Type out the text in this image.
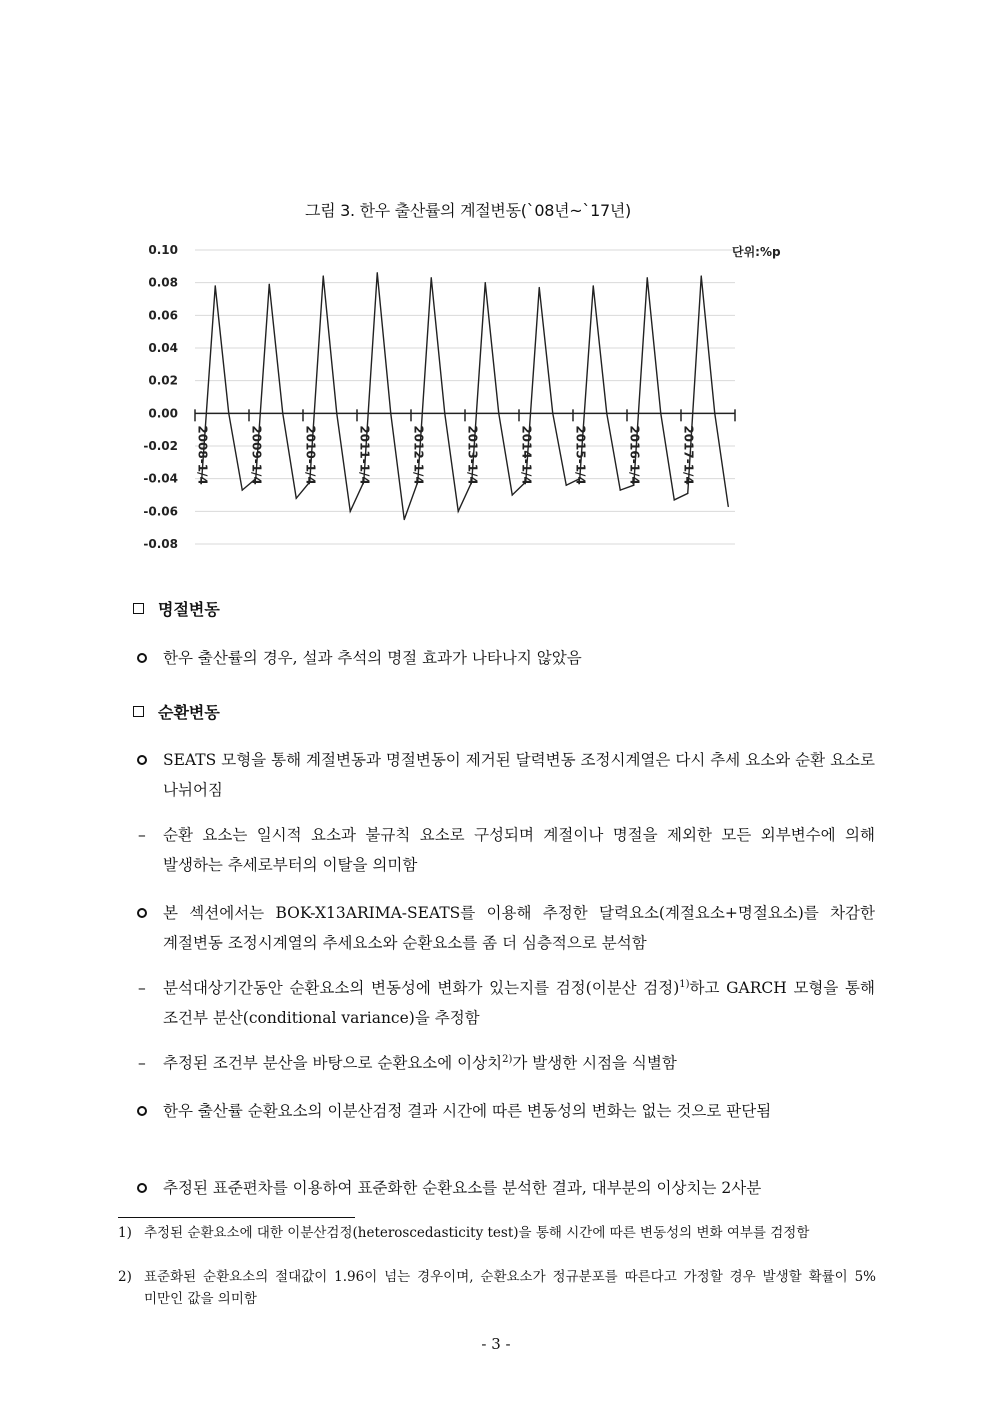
그림 3. 한우 출산률의 계절변동(`08년~`17년)
0.10
0.08
0.06
0.04
0.02
0.00
-0.02
-0.04
-0.06
-0.08
2008-1/4	2009-1/4	2010-1/4	2011-1/4	2012-1/4	2013-1/4	2014-1/4	2015-1/4	2016-1/4	2017-1/4
단위:%p
명절변동
한우 출산률의 경우, 설과 추석의 명절 효과가 나타나지 않았음
순환변동
SEATS 모형을 통해 계절변동과 명절변동이 제거된 달력변동 조정시계열은 다시 추세 요소와 순환 요소로 나뉘어짐
–	순환 요소는 일시적 요소과 불규칙 요소로 구성되며 계절이나 명절을 제외한 모든 외부변수에 의해 발생하는 추세로부터의 이탈을 의미함
본 섹션에서는 BOK-X13ARIMA-SEATS를 이용해 추정한 달력요소(계절요소+명절요소)를 차감한 계절변동 조정시계열의 추세요소와 순환요소를 좀 더 심층적으로 분석함
–	분석대상기간동안 순환요소의 변동성에 변화가 있는지를 검정(이분산 검정)$^{1)}$하고 GARCH 모형을 통해 조건부 분산(conditional variance)을 추정함
–	추정된 조건부 분산을 바탕으로 순환요소에 이상치$^{2)}$가 발생한 시점을 식별함
한우 출산률 순환요소의 이분산검정 결과 시간에 따른 변동성의 변화는 없는 것으로 판단됨
추정된 표준편차를 이용하여 표준화한 순환요소를 분석한 결과, 대부분의 이상치는 2사분
1) 추정된 순환요소에 대한 이분산검정(heteroscedasticity test)을 통해 시간에 따른 변동성의 변화 여부를 검정함
2) 표준화된 순환요소의 절대값이 1.96이 넘는 경우이며, 순환요소가 정규분포를 따른다고 가정할 경우 발생할 확률이 5% 미만인 값을 의미함
- 3 -
